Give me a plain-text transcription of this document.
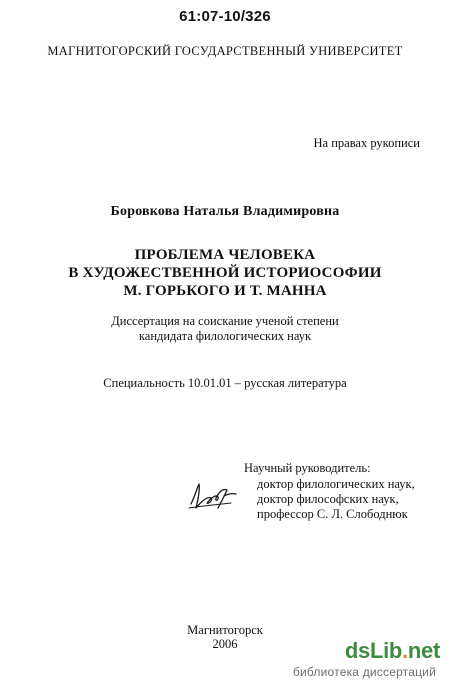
61:07-10/326
МАГНИТОГОРСКИЙ ГОСУДАРСТВЕННЫЙ УНИВЕРСИТЕТ
На правах рукописи
Боровкова Наталья Владимировна
ПРОБЛЕМА ЧЕЛОВЕКА
В ХУДОЖЕСТВЕННОЙ ИСТОРИОСОФИИ
М. ГОРЬКОГО И Т. МАННА
Диссертация на соискание ученой степени
кандидата филологических наук
Специальность 10.01.01 – русская литература
Научный руководитель:
доктор филологических наук,
доктор философских наук,
профессор С. Л. Слободнюк
Магнитогорск
2006	dsLib.net
библиотека диссертаций
